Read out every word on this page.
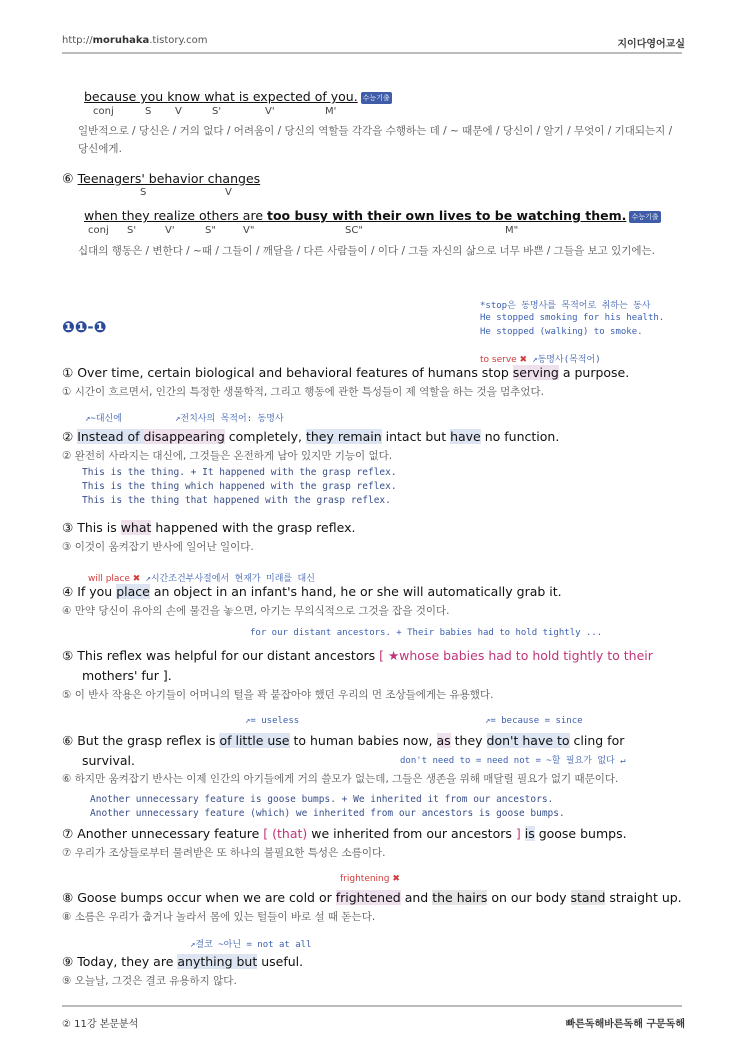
http://moruhaka.tistory.com	지이다영어교실
because you know what is expected of you. 수능기출
conj	S V	S'	V'	M'
일반적으로 / 당신은 / 거의 없다 / 어려움이 / 당신의 역할들 각각을 수행하는 데 / ~ 때문에 / 당신이 / 알기 / 무엇이 / 기대되는지 / 당신에게.
⑥ Teenagers' behavior changes
S	V
when they realize others are too busy with their own lives to be watching them. 수능기출
conj S'	V'	S"	V"	SC"	M"
십대의 행동은 / 변한다 / ~때 / 그들이 / 깨달을 / 다른 사람들이 / 이다 / 그들 자신의 삶으로 너무 바쁜 / 그들을 보고 있기에는.
❶❶-❶
*stop은 동명사를 목적어로 취하는 동사
He stopped smoking for his health.
He stopped (walking) to smoke.
to serve ✖ ↗동명사(목적어)
① Over time, certain biological and behavioral features of humans stop serving a purpose.
① 시간이 흐르면서, 인간의 특정한 생물학적, 그리고 행동에 관한 특성들이 제 역할을 하는 것을 멈추었다.
↗~대신에	↗전치사의 목적어: 동명사
② Instead of disappearing completely, they remain intact but have no function.
② 완전히 사라지는 대신에, 그것들은 온전하게 남아 있지만 기능이 없다.
This is the thing. + It happened with the grasp reflex.
This is the thing which happened with the grasp reflex.
This is the thing that happened with the grasp reflex.
③ This is what happened with the grasp reflex.
③ 이것이 움켜잡기 반사에 일어난 일이다.
will place ✖ ↗시간조건부사절에서 현재가 미래를 대신
④ If you place an object in an infant's hand, he or she will automatically grab it.
④ 만약 당신이 유아의 손에 물건을 놓으면, 아기는 무의식적으로 그것을 잡을 것이다.
for our distant ancestors. + Their babies had to hold tightly ...
⑤ This reflex was helpful for our distant ancestors [ ★whose babies had to hold tightly to their
mothers' fur ].
⑤ 이 반사 작용은 아기들이 어머니의 털을 꽉 붙잡아야 했던 우리의 먼 조상들에게는 유용했다.
↗= useless	↗= because = since
⑥ But the grasp reflex is of little use to human babies now, as they don't have to cling for
survival.	don't need to = need not = ~할 필요가 없다 ↵
⑥ 하지만 움켜잡기 반사는 이제 인간의 아기들에게 거의 쓸모가 없는데, 그들은 생존을 위해 매달릴 필요가 없기 때문이다.
Another unnecessary feature is goose bumps. + We inherited it from our ancestors.
Another unnecessary feature (which) we inherited from our ancestors is goose bumps.
⑦ Another unnecessary feature [ (that) we inherited from our ancestors ] is goose bumps.
⑦ 우리가 조상들로부터 물려받은 또 하나의 불필요한 특성은 소름이다.
frightening ✖
⑧ Goose bumps occur when we are cold or frightened and the hairs on our body stand straight up.
⑧ 소름은 우리가 춥거나 놀라서 몸에 있는 털들이 바로 설 때 돋는다.
↗결코 ~아닌 = not at all
⑨ Today, they are anything but useful.
⑨ 오늘날, 그것은 결코 유용하지 않다.
② 11강 본문분석	빠른독해바른독해 구문독해
